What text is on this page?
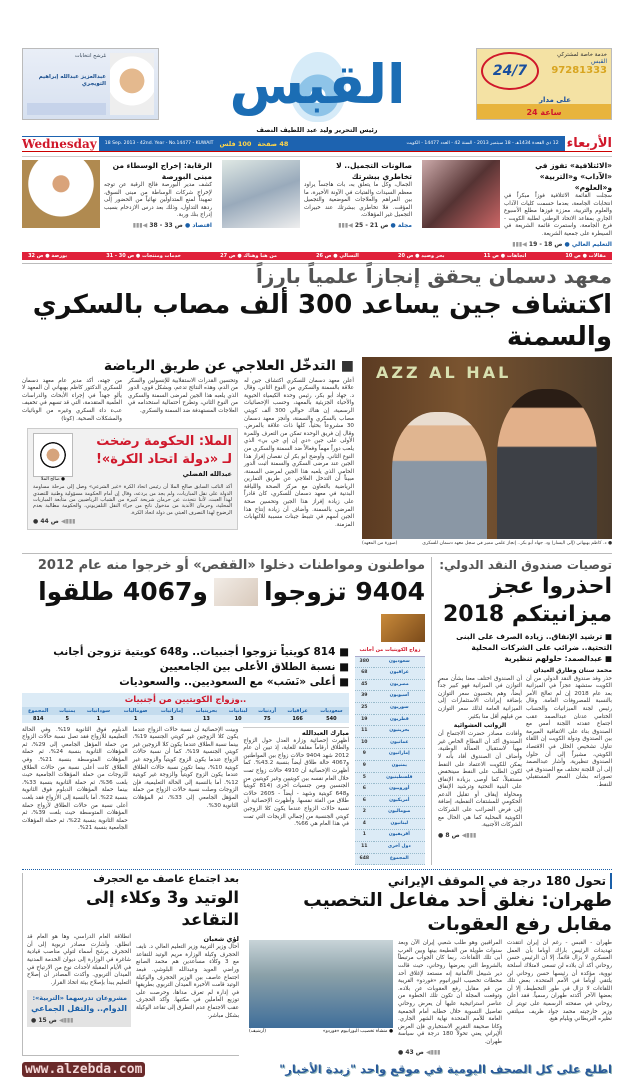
مُرشح انتخابات
عبدالعزيز عبدالله إبراهيم التويجري	القبس	24/7
خدمة خاصة لمشتركي
القبس
97281333
على مدار
24 ساعة
رئيس التحرير وليد عبد اللطيف النصف
Wednesday	18 Sep. 2013 - 42nd. Year - No.14477 - KUWAIT 100 فلس 48 صفحة	12 ذي القعدة 1434هـ - 18 سبتمبر 2013 - السنة 42 - العدد 14477 - الكويت الأربعاء
«الائتلافية» تفوز في «الآداب» و«التربية» و«العلوم»
سجلت القائمة الائتلافية فوزاً مبكراً في انتخابات الجامعة، بعدما حسمت كليات الآداب والعلوم والتربية، معززة فوزها مطلع الأسبوع الجاري بمقاعد الاتحاد الوطني لطلبة الكويت - فرع الجامعة، واستمرت قائمة الشريعة في السيطرة على جمعية الشريعة.
التعليم العالي ● ص 18 - 19 ◀▮▮▮
صالونات التجميل.. لا تخاطري ببشرتك
الجمال، وكل ما يتعلق به، بات هاجساً يراود معظم السيدات والفتيات في الآونة الأخيرة، ما بين المراهم والعلاجات الموضعية والتجميل المؤقت. فلا تخاطري ببشرتك عند خبيرات التجميل غير المؤهلات.
مجلة ● ص 21 - 25 ◀▮▮▮
الرقابة: إخراج الوسطاء من مبنى البورصة
كشف مدير البورصة فالح الرقبة عن توجه لإخراج شركات الوساطة من مبنى السوق، تمهيداً لمنع المتداولين نهائياً من الحضور إلى ردهة التداول، وذلك بعد درس الازدحام بسبب إدراج بنك وربة.
اقتصاد ● ص 33 - 38 ◀▮▮▮
مقالات ● ص 10
اتجاهات ● ص 11
بحر وصيد ● ص 20
التسالي ● ص 26
من هنا وهناك ● ص 27
خدمات ومنتجات ● ص 30 - 31
بورصة ● ص 32
معهد دسمان يحقق إنجازاً علمياً بارزاً
اكتشاف جين يساعد 300 ألف مصاب بالسكري والسمنة
AZZ AL HAL
● د. كاظم بهبهاني (إلى اليسار) ود. جهاد أبو بكر.. إنجاز علمي مميز في سجل معهد دسمان للسكري
(صورة من المعهد)
■ التدخّل العلاجي عن طريق الرياضة
أعلن معهد دسمان للسكري اكتشاف جين له علاقة بالسمنة والسكري من النوع الثاني. وقال د. جهاد أبو بكر، رئيس وحدة الكيمياء الحيوية والأحياء الجزيئية بالمعهد، وحسب الإحصائيات الرسمية، إن هناك حوالي 300 ألف كويتي مصاب بالسكري والسمنة، وأنجز معهد دسمان 30 مشروعاً بحثياً، كلها ذات علاقة بالمرض. وقال إن فريق الوحدة تمكن من التعرف وللمرة الأولى على جين «دي إن إي جي بي» الذي يلعب دوراً مهماً وفعالاً ضد السمنة والسكري من النوع الثاني. وأوضح أبو بكر أن نقصان إفراز هذا الجين عند مرضى السكري والسمنة أثبت الدور الحامي الذي يلعبه هذا الجين لمرضى السمنة، مبيناً أن التدخل العلاجي عن طريق التمارين الرياضية بالتعاون مع مركز الصحة واللياقة البدنية في معهد دسمان للسكري، كان قادراً على زيادة إفراز هذا الجين وتحسين صحة المرضى بالسمنة. وأضاف أن زيادة إنتاج هذا الجين أسهم في تثبيط جينات مسببة للالتهابات المزمنة.
وتحسين القدرات الاستقلابية للإنسولين والسكر من الدم، وهذه النتائج تدعم، وبشكل قوي، الدور الذي يلعبه هذا الجين لمرضى السمنة والسكري من النوع الثاني، وتطرح احتمالية استخدامه في العلاجات المستهدفة ضد السمنة والسكري.
من جهته، أكد مدير عام معهد دسمان للسكري الدكتور كاظم بهبهاني أن المعهد لا يألو جهداً في إجراء الأبحاث والدراسات العلمية المتقدمة، التي قد تسهم في تخفيف عبء داء السكري وغيره من الوبائيات والمشكلات الصحية. (كونا)
الملا: الحكومة رضخت
لـ «دولة اتحاد الكرة»!
عبدالله الفضلي
● صالح الملا
أكد النائب السابق صالح الملا أن رئيس اتحاد الكرة «غير الشرعي» وصل إلى مرحلة مساومة الدولة على نقل المباريات، ولم يجد من يردعه، وقال إن أمام الحكومة مسؤولية وطنية للتصدي لهذا العبث، لأننا نتحدث عن حرمان شريحة كبيرة من الشباب الرياضيين من متابعة المباريات المحلية، وحرمان الأندية من مدخول ناتج من جراء النقل التلفزيوني، والحكومة مطالبة بعدم الرضوخ لهذا التصرف العبثي من دولة اتحاد الكرة.
● ص 44 ◀▮▮▮
توصيات صندوق النقد الدولي:
احذروا عجز ميزانيتكم 2018
■ ترشيد الإنفاق.. زيادة الصرف على البنى التحتية.. ضرائب على الشركات المحلية
■ عبدالصمد: حلولهم تنظيرية
محمد سنان وطارق العيدان
حذر وفد صندوق النقد الدولي من أن الكويت ستشهد عجزاً في الميزانية بعد عام 2018 إن لم تعالج الأمر بالنسبة للمصروفات العامة. وقال رئيس لجنة الميزانيات والحساب الختامي عدنان عبدالصمد عقب اجتماع عقدته اللجنة أمس مع الصندوق بناء على الاتفاقية المبرمة بين الصندوق ودولة الكويت إن اللقاء تناول تشخيص الخلل في الاقتصاد الكويتي، مشيراً إلى أن حلول الصندوق تنظيرية. وأشار عبدالصمد إلى أن اللجنة تختلف مع الصندوق في تصوراته بشأن السعر المستقبلي للنفط.
أن الصندوق اختلف معنا بشأن سعر التوازن في الميزانية فهو كبير جداً أيضاً، وهم يحسبون سعر التوازن بإضافة إيرادات الاستثمارات إلى الميزانية العامة لذلك سعر التوازن من قبلهم أقل منا بكثير.
الرواتب العشوائية
وأفادت مصادر حضرت الاجتماع أن الصندوق أكد أن القطاع الخاص غير مهيأ لاستقبال العمالة الوطنية، وأضاف أن الصندوق أفاد بأنه لا يمكن للكويت الاعتماد على النفط لكون الطلب على النفط سينخفض مستقبلاً، كما أوصى بزيادة الإنفاق على البنية التحتية وترشيد الإنفاق ومحاولة إيقاف أو تقليل الدعم الحكومي للمشتقات النفطية، إضافة إلى فرض الضرائب على الشركات الكويتية المحلية كما هي الحال مع الشركات الأجنبية.
● ص 8 ◀▮▮▮
مواطنون ومواطنات دخلوا «القفص» أو خرجوا منه عام 2012
9404 تزوجوا
و4067 طلقوا
زواج الكويتيات من أجانب
سعوديون	380
عراقيون	68
مصريون	45
آسيويون	39
سوريون	25
قطريون	19
بحرينيون	11
عمانيون	10
إماراتيون	9
يمنيون	9
فلسطينيون	5
أوروبيون	6
أمريكيون	6
صوماليون	2
لبنانيون	4
أفريقيون	1
دول أخرى	11
المجموع	648
■ 814 كويتياً تزوجوا أجنبيات.. و648 كويتية تزوجن أجانب
■ نسبة الطلاق الأعلى بين الجامعيين
■ أعلى «نَسَب» مع السعوديين.. والسعوديات
..وزواج الكويتيين من أجنبيات
سعوديات	عراقيات	أردنيات	لبنانيات	بحرينيات	إماراتيات	صوماليات	سودانيات	يمنيات	المجموع
540	166	75	10	13	3	1	1	5	814
مبارك العبدالله
أظهرت إحصائية وزارة العدل حول الزواج والطلاق أرقاماً مقلقة للغاية، إذ تبين أن عام 2012 شهد 9404 حالات زواج بين المواطنين و4067 حالة طلاق أيضاً بنسبة 43.2%. كما أظهرت الإحصائية أن 4910 حالات زواج تمت خلال العام نفسه بين كويتيين وغير كويتيين من الجنسين ومن جنسيات أخرى (814 كويتياً و648 كويتية وشهد - أيضاً - 2605 حالات طلاق من الفئة نفسها. وأظهرت الإحصائية أن نسبة حالات الزواج عندما يكون كلا الزوجين كويتي الجنسية من إجمالي الزيجات التي تمت في هذا العام هي 66%.
وبينت الإحصائية أن نسبة حالات الزواج عندما يكون كلا الزوجين غير كويتي الجنسية 19%، بينما نسبة الطلاق عندما يكون كلا الزوجين غير كويتي الجنسية 19%، كما أن نسبة حالات الزواج عندما يكون الزوج كويتياً والزوجة غير كويتية 10%، بينما تكون نسبة حالات الطلاق عندما يكون الزوج كويتياً والزوجة غير كويتية 12%. أما بالنسبة إلى الحالة التعليمية، فإن الزوجات وصلت نسبة حالات الزواج من حملة المؤهل الجامعي إلى 33%، ثم المؤهلات الثانوية 30%.
الدبلوم فوق الثانوية 19%. وفي الحالة التعليمية للأزواج فقد تصل نسبة حالات الزواج من حملة المؤهل الجامعي إلى 29%، ثم المؤهلات الثانوية بنسبة 24%، ثم حملة المؤهلات المتوسطة بنسبة 21%. وفي الطلاق كانت أعلى نسبة من حالات الطلاق للزوجات من حملة المؤهلات الجامعية حيث بلغت 36%، ثم حملة الثانوية بنسبة 33%، بينما حملة المؤهلات الدبلوم فوق الثانوية بنسبة 22%. أما بالنسبة إلى الأزواج فقد بلغت أعلى نسبة من حالات الطلاق لأزواج حملة المؤهلات المتوسطة حيث بلغت 39%، ثم حملة الثانوية بنسبة 22%، ثم حملة المؤهلات الجامعية بنسبة 21%.
تحول 180 درجة في الموقف الإيراني
طهران: نغلق أحد مفاعل التخصيب مقابل رفع العقوبات
طهران - القبس - رغم أن إيران انتقدت تهديدات الرئيس باراك أوباما بأن العمل العسكري لا يزال قائماً، إلا أن الرئيس حسن روحاني أكد أن بلاده لن تسعى لامتلاك أسلحة نووية، مؤكدة أن رئيسها حسن روحاني لن يلتقي أوباما في الأمم المتحدة. بعض تلك اللقاءات لا تزال في طور التخطيط، إلا أن بعضها الآخر أكدته طهران رسمياً. فقد أعلن روحاني في صفحته الرسمية على تويتر أن وزير خارجيته محمد جواد ظريف سيلتقي نظيره البريطاني ويليام هيغ.
المراقبين وهو طلب شعبي إيران الآن وبعد سنوات طويلة من القطيعة بينها وبين الغرب أبى تلك اللقاءات. ربما كان الجواب مرتبطاً بالشروط التي يعرضها روحاني، حيث قالت دير شبيغل الألمانية إنه مستعد لإغلاق أحد محطات تخصيب اليورانيوم «فوردو» القريبة من قم مقابل رفع العقوبات عن بلاده. وتوقعت المجلة أن تكون تلك الخطوة من عناصر استراتيجية عليها أن يعرض روحاني تفاصيل التسوية خلال خطابه أمام الجمعية العامة للأمم المتحدة نهاية الشهر الجاري. وكانا صحيفة التقرير الاستخباري فإن العرض الإيراني يعني تحولاً 180 درجة في سياسة طهران.
● ص 43 ◀▮▮▮
● منشأة تخصيب اليورانيوم «فوردو»
(أرشيف)
بعد اجتماع عاصف مع الحجرف
الوتيد و3 وكلاء إلى التقاعد
لؤي شعبان
أحال وزير التربية وزير التعليم العالي د. نايف الحجرف وكيلة الوزارة مريم الوتيد للتقاعد مع 3 وكلاء مساعدين هم محمد الصانع وراضي العويد وعبدالله البلوشي. فبعد اجتماع عاصف بين الوزير الحجرف والوكيلة الوتيد قامت الأخيرة الميدان التربوي بطريقها في إدارة لم تعرف مداها، وحرصت على توزيع العاملين في مكتبها. وأكد الحجرف عقب الاجتماع عدم التطرق إلى تقاعد الوكيلة بشكل مباشر.
انطلاقة العام الدراسي، وها هو العام قد انطلق. وأشارت مصادر تربوية إلى أن الحجرف يرشح أسماء لتولي مناصب قيادية شاغرة في الوزارة إلى ديوان الخدمة المدنية في الأيام المقبلة لأحداث نوع من الارتياح في الميدان التربوي. وأكدت المصادر أن إصلاح التعليم يبدأ بإصلاح بيئة اتخاذ القرار.
مشروعان تدرسهما «التربية»:
الدوام.. والنقل الجماعي
● ص 15 ◀▮▮▮
www.alzebda.com	اطلع على كل الصحف اليومية في موقع واحد "زبدة الأخبار"
